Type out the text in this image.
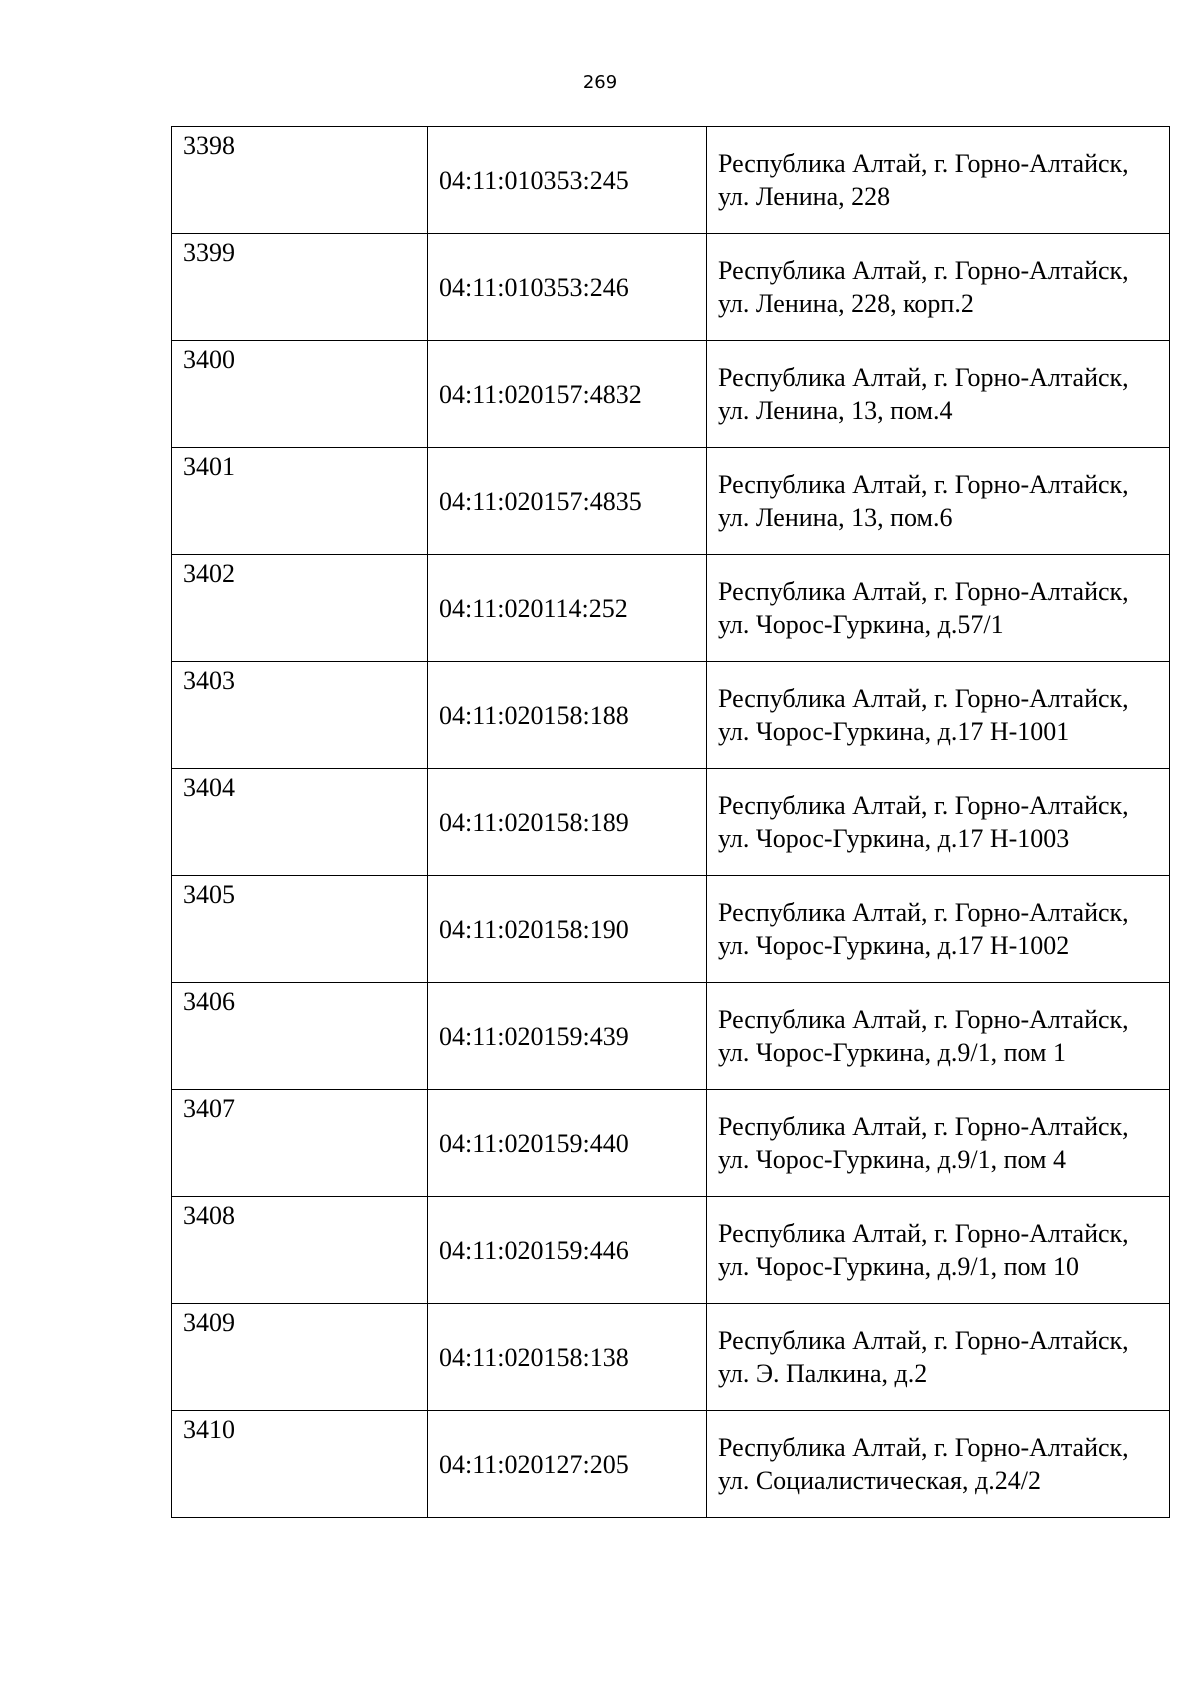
269
3398	04:11:010353:245	Республика Алтай, г. Горно-Алтайск, ул. Ленина, 228
3399	04:11:010353:246	Республика Алтай, г. Горно-Алтайск, ул. Ленина, 228, корп.2
3400	04:11:020157:4832	Республика Алтай, г. Горно-Алтайск, ул. Ленина, 13, пом.4
3401	04:11:020157:4835	Республика Алтай, г. Горно-Алтайск, ул. Ленина, 13, пом.6
3402	04:11:020114:252	Республика Алтай, г. Горно-Алтайск, ул. Чорос-Гуркина, д.57/1
3403	04:11:020158:188	Республика Алтай, г. Горно-Алтайск, ул. Чорос-Гуркина, д.17 Н-1001
3404	04:11:020158:189	Республика Алтай, г. Горно-Алтайск, ул. Чорос-Гуркина, д.17 Н-1003
3405	04:11:020158:190	Республика Алтай, г. Горно-Алтайск, ул. Чорос-Гуркина, д.17 Н-1002
3406	04:11:020159:439	Республика Алтай, г. Горно-Алтайск, ул. Чорос-Гуркина, д.9/1, пом 1
3407	04:11:020159:440	Республика Алтай, г. Горно-Алтайск, ул. Чорос-Гуркина, д.9/1, пом 4
3408	04:11:020159:446	Республика Алтай, г. Горно-Алтайск, ул. Чорос-Гуркина, д.9/1, пом 10
3409	04:11:020158:138	Республика Алтай, г. Горно-Алтайск, ул. Э. Палкина, д.2
3410	04:11:020127:205	Республика Алтай, г. Горно-Алтайск, ул. Социалистическая, д.24/2
